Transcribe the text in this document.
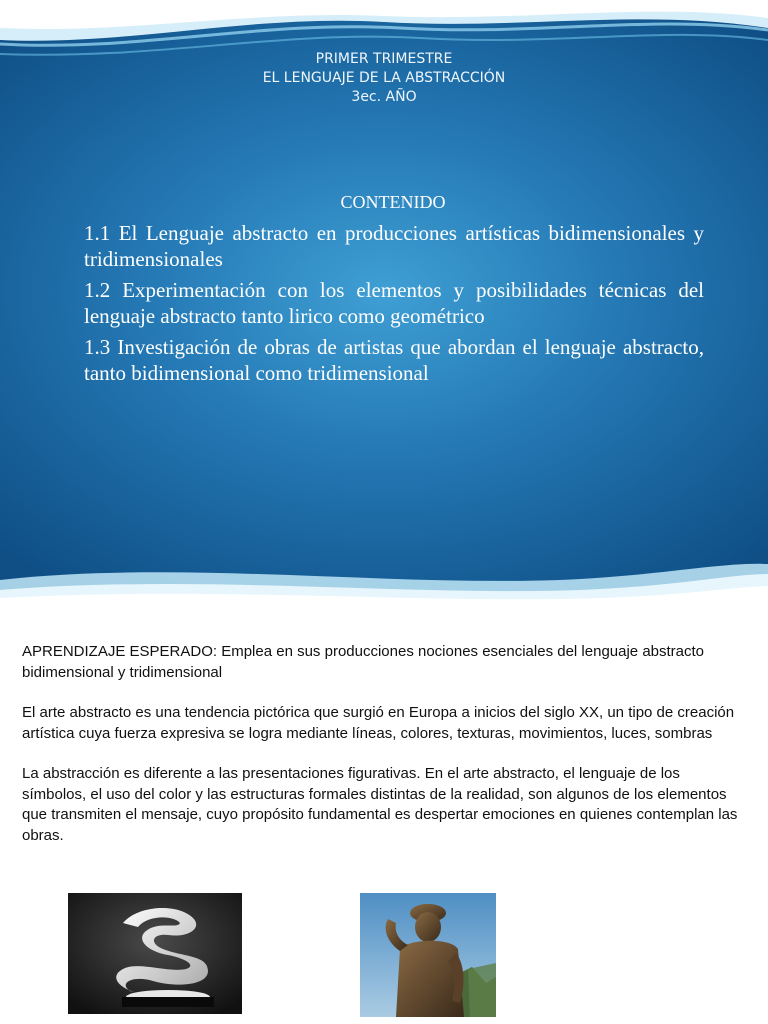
PRIMER TRIMESTRE
EL LENGUAJE DE LA ABSTRACCIÓN
3ec. AÑO
CONTENIDO

1.1 El Lenguaje abstracto en producciones artísticas bidimensionales y tridimensionales

1.2 Experimentación con los elementos y posibilidades técnicas del lenguaje abstracto tanto lirico como geométrico

1.3 Investigación de obras de artistas que abordan el lenguaje abstracto, tanto bidimensional como tridimensional

APRENDIZAJE ESPERADO: Emplea en sus producciones nociones esenciales del lenguaje abstracto bidimensional y tridimensional

El arte abstracto es una tendencia pictórica que surgió en Europa a inicios del siglo XX, un tipo de creación artística cuya fuerza expresiva se logra mediante líneas, colores, texturas, movimientos, luces, sombras

La abstracción es diferente a las presentaciones figurativas. En el arte abstracto, el lenguaje de los símbolos, el uso del color y las estructuras formales distintas de la realidad, son algunos de los elementos que transmiten el mensaje, cuyo propósito fundamental es despertar emociones en quienes contemplan las obras.
